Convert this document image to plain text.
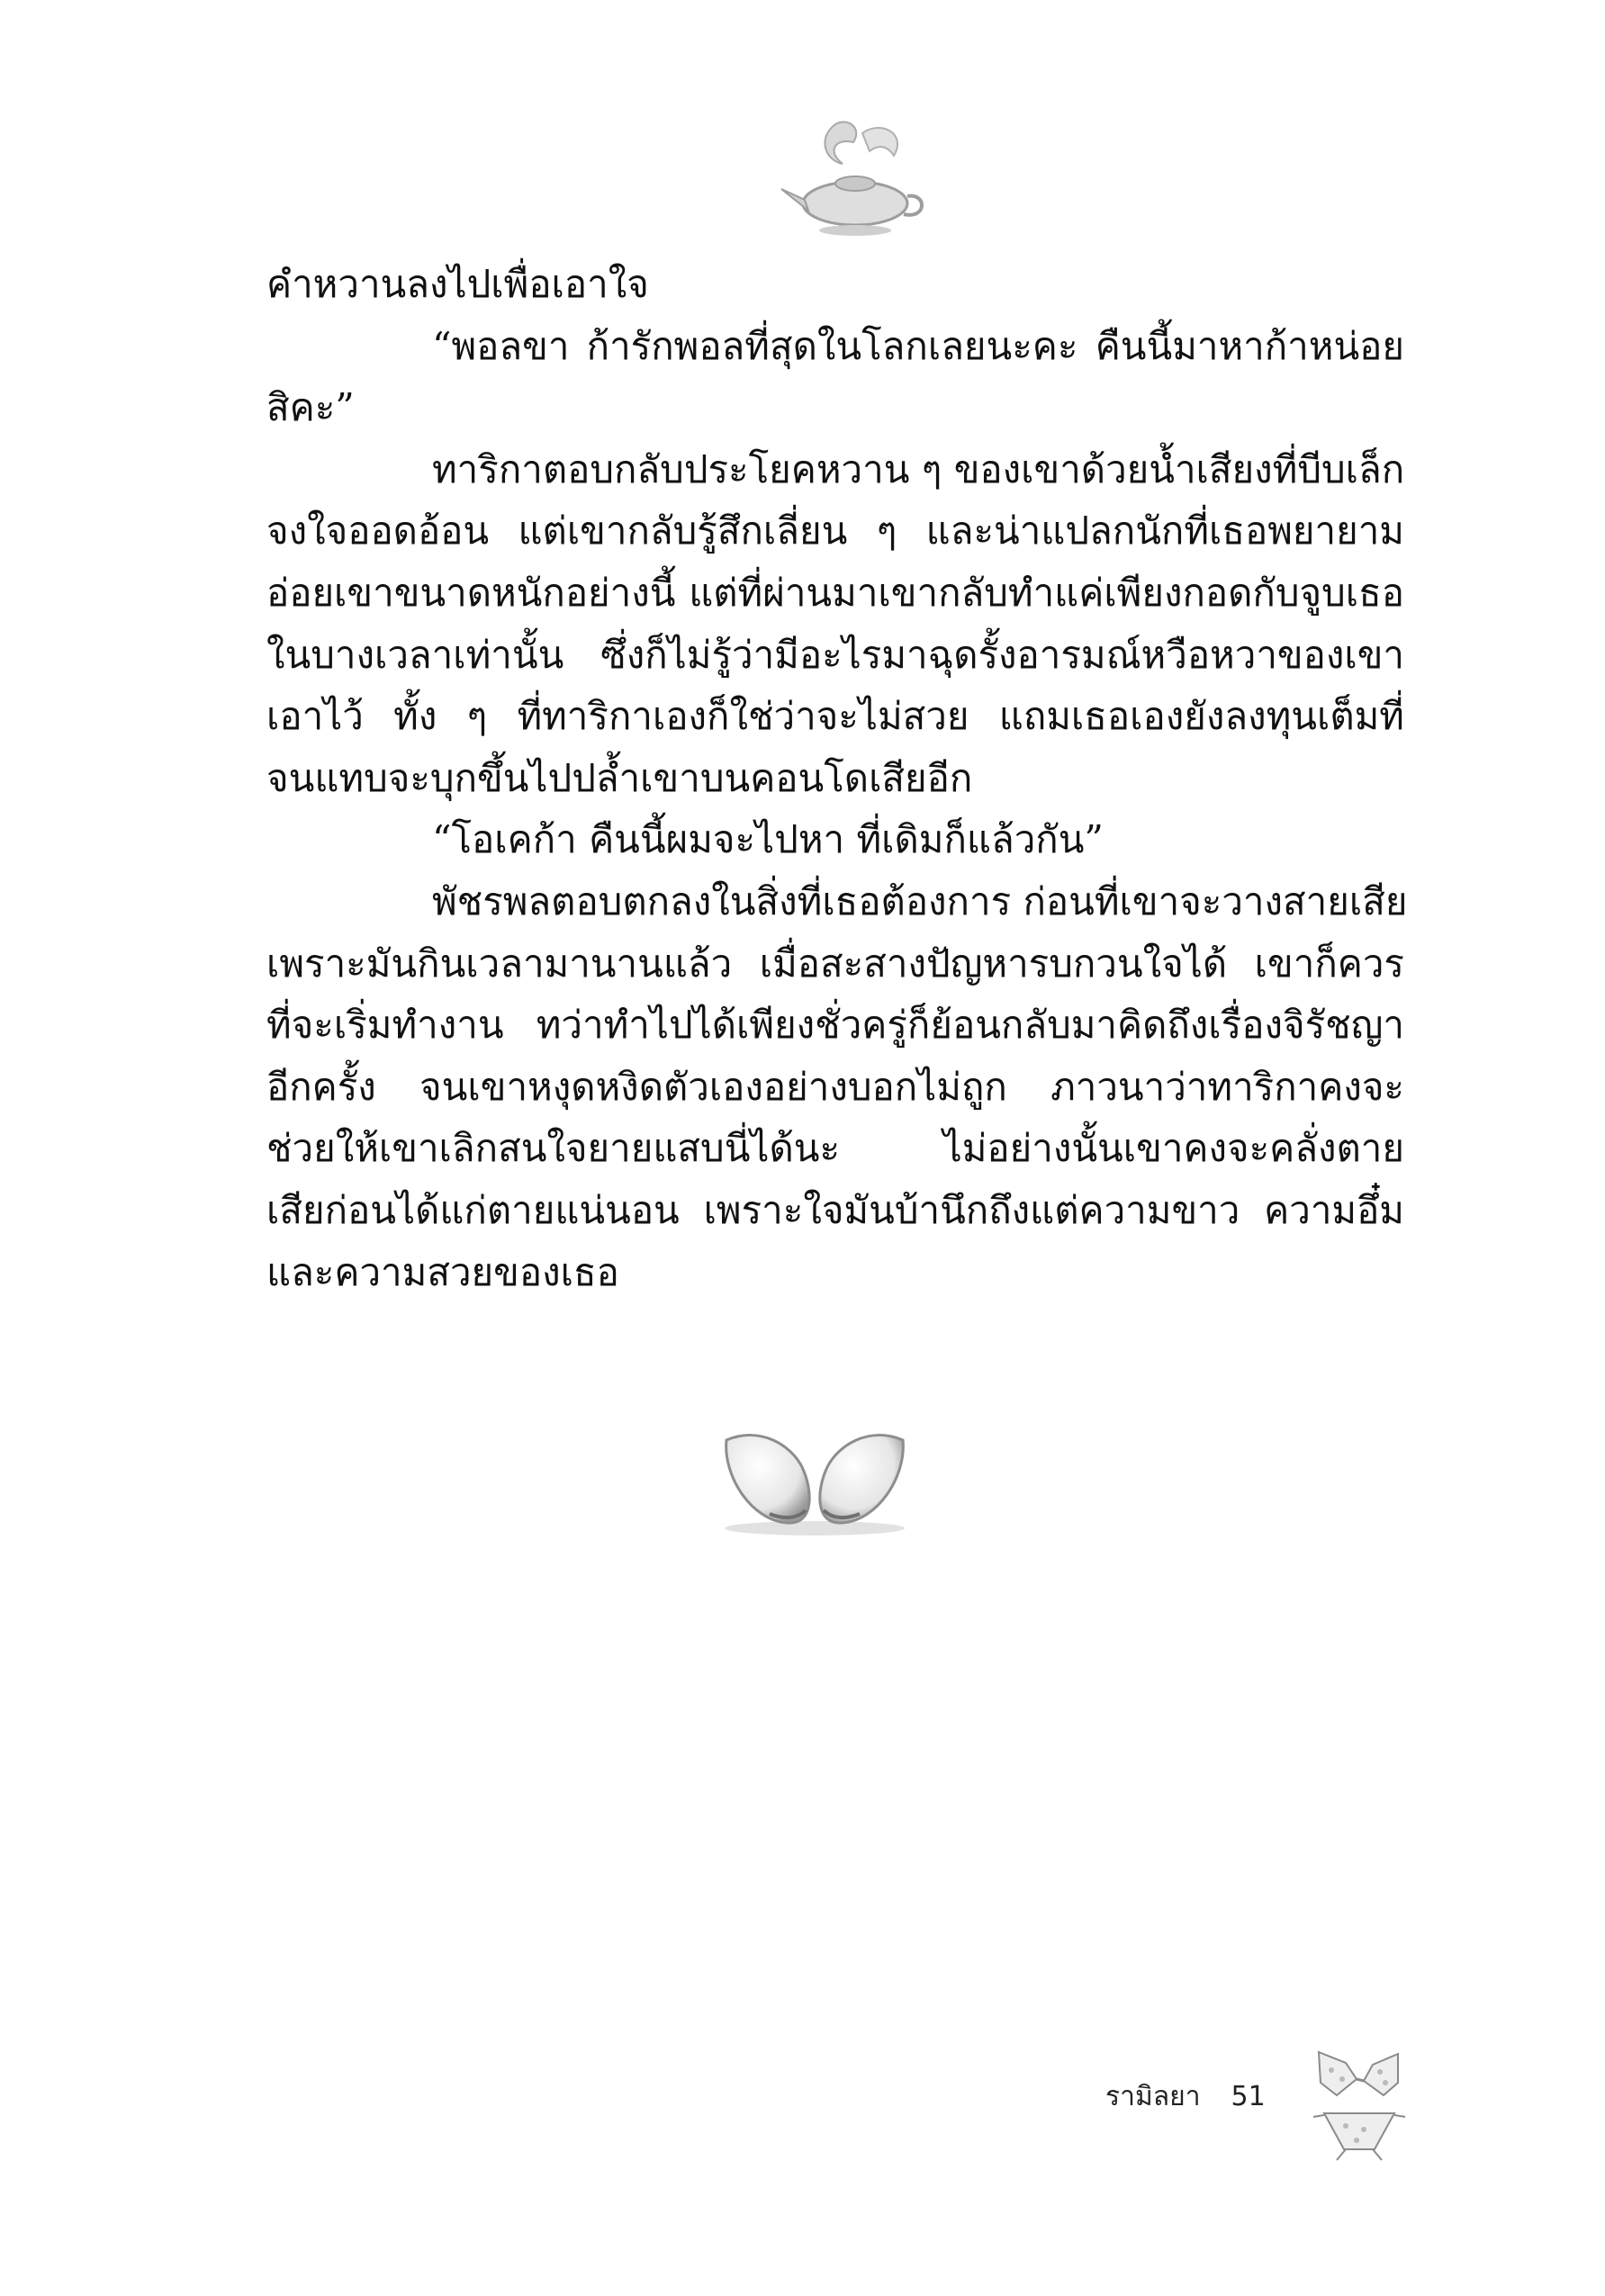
คำหวานลงไปเพื่อเอาใจ
“พอลขา ก้ารักพอลที่สุดในโลกเลยนะคะ คืนนี้มาหาก้าหน่อย
สิคะ”
ทาริกาตอบกลับประโยคหวาน ๆ ของเขาด้วยน้ำเสียงที่บีบเล็ก
จงใจออดอ้อน แต่เขากลับรู้สึกเลี่ยน ๆ และน่าแปลกนักที่เธอพยายาม
อ่อยเขาขนาดหนักอย่างนี้ แต่ที่ผ่านมาเขากลับทำแค่เพียงกอดกับจูบเธอ
ในบางเวลาเท่านั้น ซึ่งก็ไม่รู้ว่ามีอะไรมาฉุดรั้งอารมณ์หวือหวาของเขา
เอาไว้ ทั้ง ๆ ที่ทาริกาเองก็ใช่ว่าจะไม่สวย แถมเธอเองยังลงทุนเต็มที่
จนแทบจะบุกขึ้นไปปล้ำเขาบนคอนโดเสียอีก
“โอเคก้า คืนนี้ผมจะไปหา ที่เดิมก็แล้วกัน”
พัชรพลตอบตกลงในสิ่งที่เธอต้องการ ก่อนที่เขาจะวางสายเสีย
เพราะมันกินเวลามานานแล้ว เมื่อสะสางปัญหารบกวนใจได้ เขาก็ควร
ที่จะเริ่มทำงาน ทว่าทำไปได้เพียงชั่วครู่ก็ย้อนกลับมาคิดถึงเรื่องจิรัชญา
อีกครั้ง จนเขาหงุดหงิดตัวเองอย่างบอกไม่ถูก ภาวนาว่าทาริกาคงจะ
ช่วยให้เขาเลิกสนใจยายแสบนี่ได้นะ ไม่อย่างนั้นเขาคงจะคลั่งตาย
เสียก่อนได้แก่ตายแน่นอน เพราะใจมันบ้านึกถึงแต่ความขาว ความอึ๋ม
และความสวยของเธอ
รามิลยา 51
